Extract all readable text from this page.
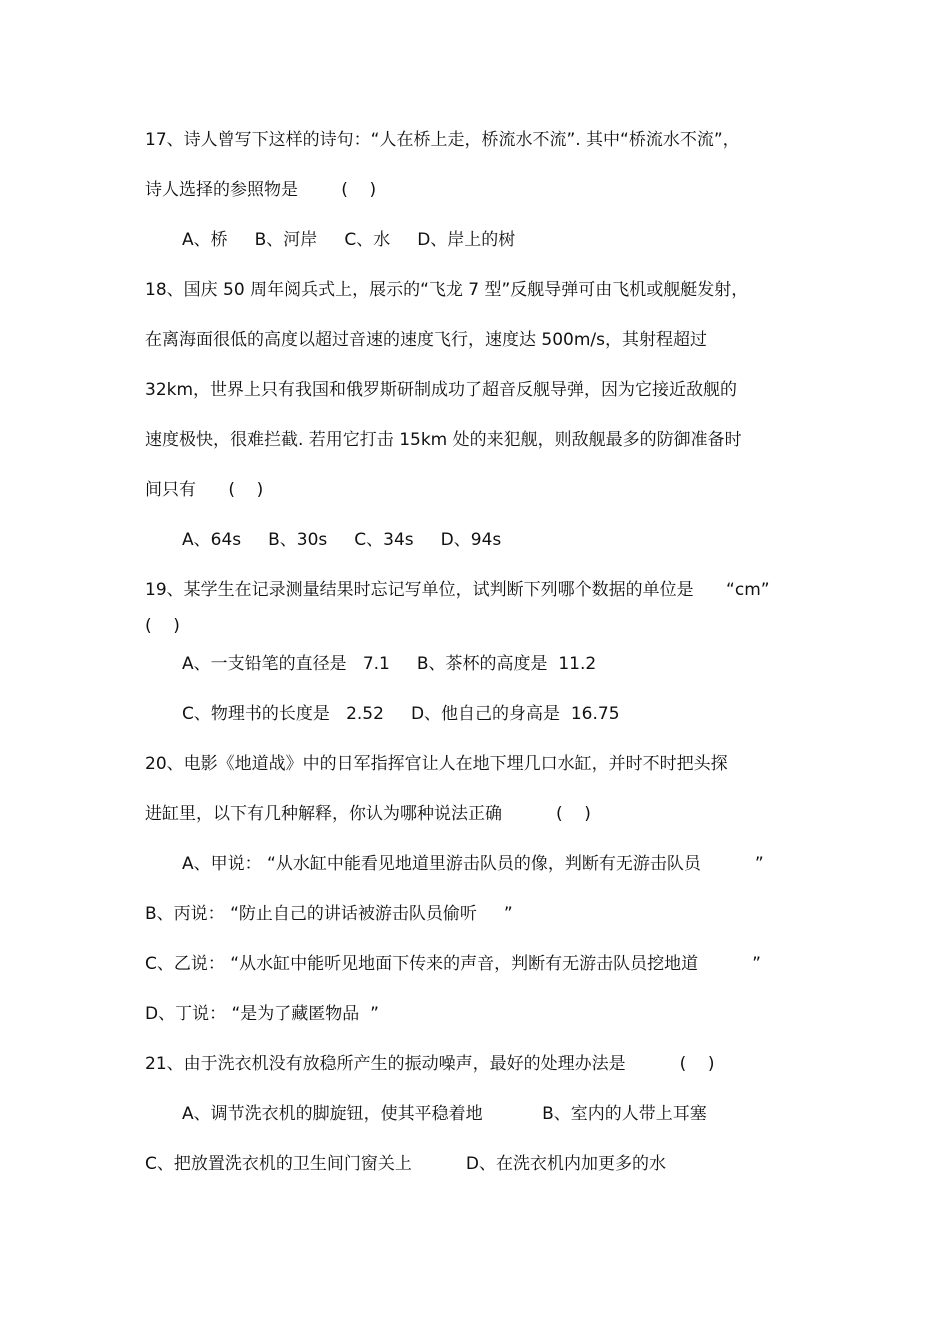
17、诗人曾写下这样的诗句：“人在桥上走，桥流水不流”. 其中“桥流水不流”，
诗人选择的参照物是        (    )
A、桥     B、河岸     C、水     D、岸上的树
18、国庆 50 周年阅兵式上，展示的“飞龙 7 型”反舰导弹可由飞机或舰艇发射，
在离海面很低的高度以超过音速的速度飞行，速度达 500m/s，其射程超过
32km，世界上只有我国和俄罗斯研制成功了超音反舰导弹，因为它接近敌舰的
速度极快，很难拦截. 若用它打击 15km 处的来犯舰，则敌舰最多的防御准备时
间只有      (    )
A、64s     B、30s     C、34s     D、94s
19、某学生在记录测量结果时忘记写单位，试判断下列哪个数据的单位是      “cm”
(    )
A、一支铅笔的直径是   7.1     B、茶杯的高度是  11.2
C、物理书的长度是   2.52     D、他自己的身高是  16.75
20、电影《地道战》中的日军指挥官让人在地下埋几口水缸，并时不时把头探
进缸里，以下有几种解释，你认为哪种说法正确          (    )
A、甲说： “从水缸中能看见地道里游击队员的像，判断有无游击队员          ”
B、丙说： “防止自己的讲话被游击队员偷听     ”
C、乙说： “从水缸中能听见地面下传来的声音，判断有无游击队员挖地道          ”
D、丁说： “是为了藏匿物品  ”
21、由于洗衣机没有放稳所产生的振动噪声，最好的处理办法是          (    )
A、调节洗衣机的脚旋钮，使其平稳着地           B、室内的人带上耳塞
C、把放置洗衣机的卫生间门窗关上          D、在洗衣机内加更多的水
